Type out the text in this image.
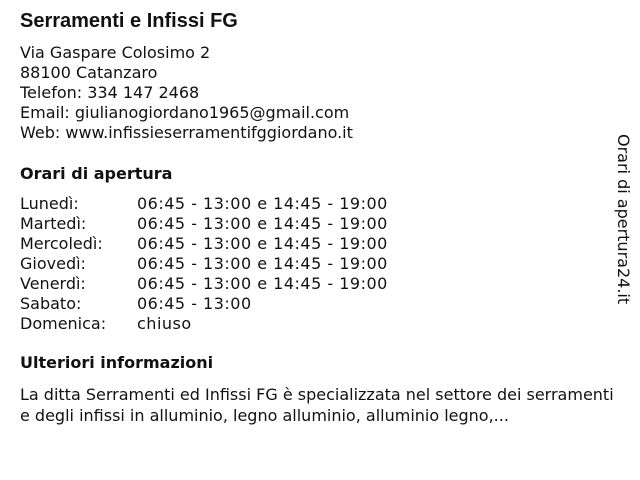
Serramenti e Infissi FG
Via Gaspare Colosimo 2
88100 Catanzaro
Telefon: 334 147 2468
Email: giulianogiordano1965@gmail.com
Web: www.infissieserramentifggiordano.it
Orari di apertura
Lunedì:	06:45 - 13:00 e 14:45 - 19:00
Martedì:	06:45 - 13:00 e 14:45 - 19:00
Mercoledì: 06:45 - 13:00 e 14:45 - 19:00
Giovedì:	06:45 - 13:00 e 14:45 - 19:00
Venerdì:	06:45 - 13:00 e 14:45 - 19:00
Sabato:	06:45 - 13:00
Domenica: chiuso
Ulteriori informazioni
La ditta Serramenti ed Infissi FG è specializzata nel settore dei serramenti e degli infissi in alluminio, legno alluminio, alluminio legno,...
Orari di apertura24.it
